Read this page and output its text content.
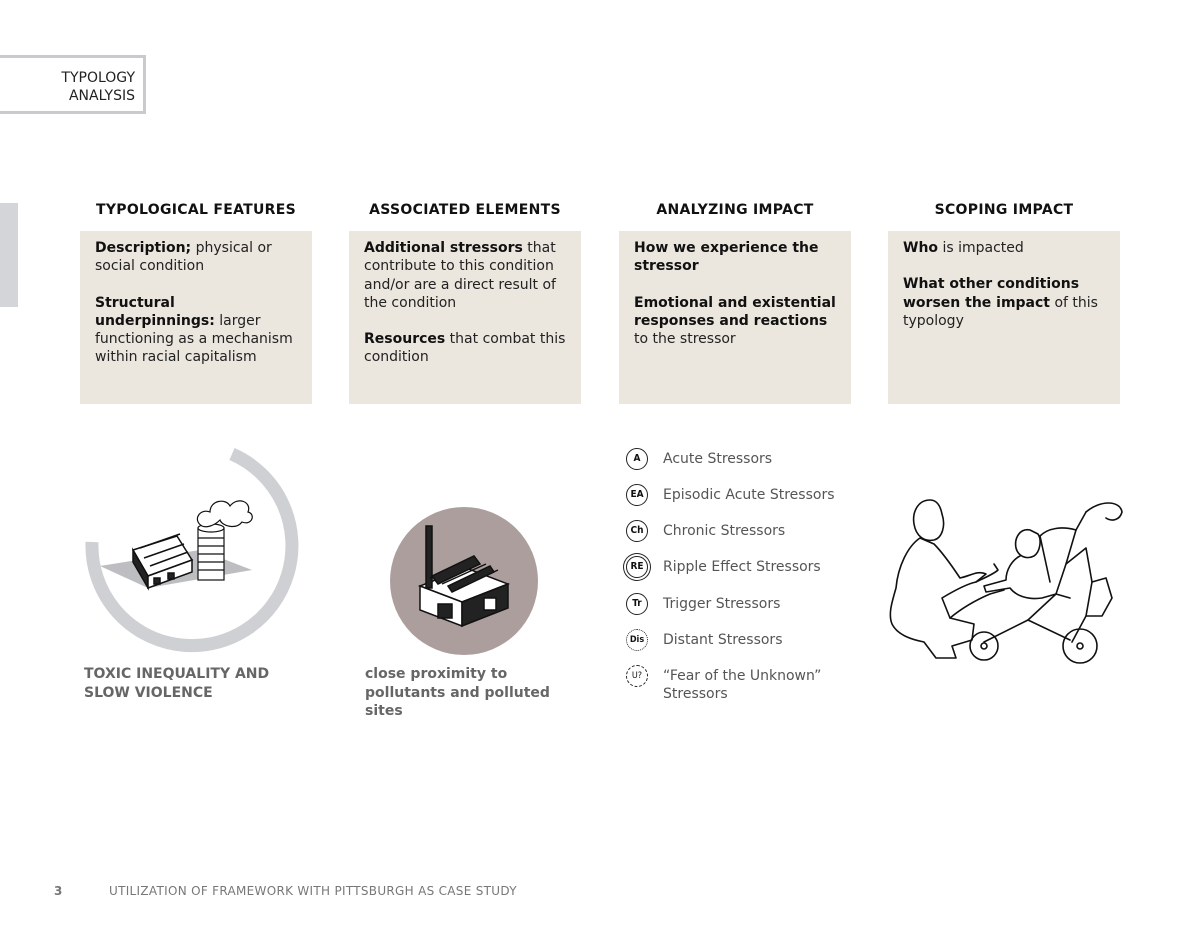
TYPOLOGY
ANALYSIS
TYPOLOGICAL FEATURES	ASSOCIATED ELEMENTS	ANALYZING IMPACT	SCOPING IMPACT

Description; physical or social condition

Structural underpinnings: larger functioning as a mechanism within racial capitalism

Additional stressors that contribute to this condition and/or are a direct result of the condition

Resources that combat this condition

How we experience the stressor

Emotional and existential responses and reactions to the stressor

Who is impacted

What other conditions worsen the impact of this typology

TOXIC INEQUALITY AND SLOW VIOLENCE
close proximity to pollutants and polluted sites
A	Acute Stressors
EA	Episodic Acute Stressors
Ch	Chronic Stressors
RE	Ripple Effect Stressors
Tr	Trigger Stressors
Dis Distant Stressors
U?	“Fear of the Unknown” Stressors
3	UTILIZATION OF FRAMEWORK WITH PITTSBURGH AS CASE STUDY
